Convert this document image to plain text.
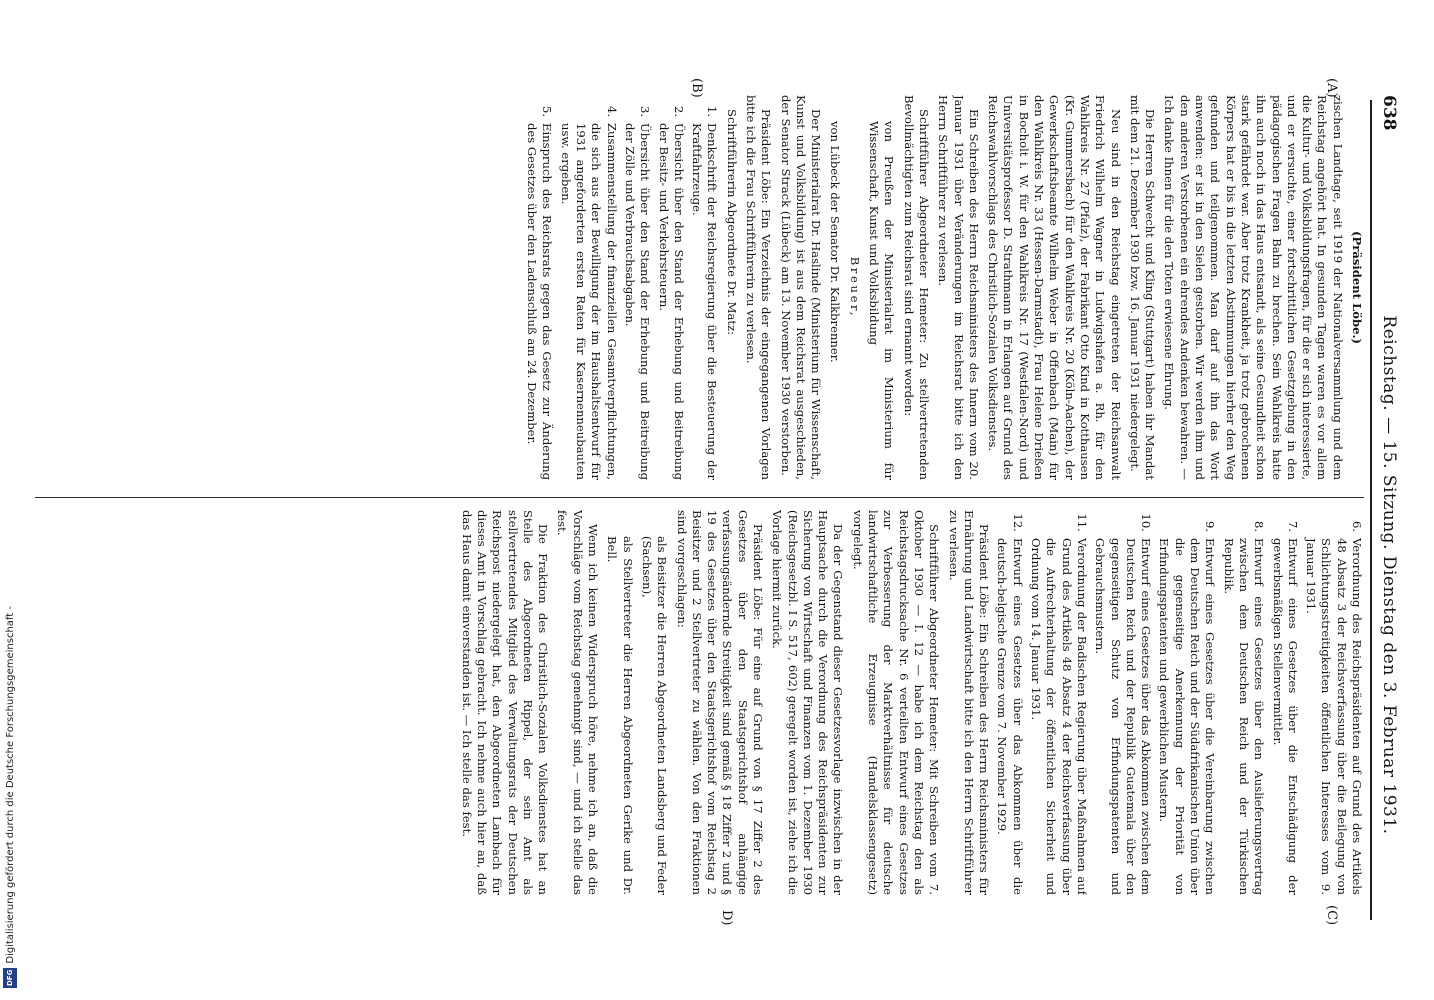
638
Reichstag. — 15. Sitzung. Dienstag den 3. Februar 1931.
(A)
(B)
(C)
D)

(Präsident Löbe.)

zischen Landtage, seit 1919 der Nationalversammlung und dem Reichstag angehört hat. In gesunden Tagen waren es vor allem die Kultur- und Volksbildungsfragen, für die er sich interessierte, und er versuchte, einer fortschrittlichen Gesetzgebung in den pädagogischen Fragen Bahn zu brechen. Sein Wahlkreis hatte ihn auch noch in das Haus entsandt, als seine Gesundheit schon stark gefährdet war. Aber trotz Krankheit, ja trotz gebrochenen Körpers hat er bis in die letzten Abstimmungen hierher den Weg gefunden und teilgenommen. Man darf auf ihn das Wort anwenden: er ist in den Sielen gestorben. Wir werden ihm und den anderen Verstorbenen ein ehrendes Andenken bewahren. — Ich danke Ihnen für die den Toten erwiesene Ehrung.

Die Herren Schwecht und Kling (Stuttgart) haben ihr Mandat mit dem 21. Dezember 1930 bzw. 16. Januar 1931 niedergelegt.

Neu sind in den Reichstag eingetreten der Reichsanwalt Friedrich Wilhelm Wagner in Ludwigshafen a. Rh. für den Wahlkreis Nr. 27 (Pfalz), der Fabrikant Otto Kind in Kotthausen (Kr. Gummersbach) für den Wahlkreis Nr. 20 (Köln-Aachen), der Gewerkschaftsbeamte Wilhelm Weber in Offenbach (Main) für den Wahlkreis Nr. 33 (Hessen-Darmstadt), Frau Helene Drießen in Bocholt i. W. für den Wahlkreis Nr. 17 (Westfalen-Nord) und Universitätsprofessor D. Strathmann in Erlangen auf Grund des Reichswahlvorschlags des Christlich-Sozialen Volksdienstes.

Ein Schreiben des Herrn Reichsministers des Innern vom 20. Januar 1931 über Veränderungen im Reichsrat bitte ich den Herrn Schriftführer zu verlesen.

Schriftführer Abgeordneter Hemeter: Zu stellvertretenden Bevollmächtigten zum Reichsrat sind ernannt worden:

von Preußen der Ministerialrat im Ministerium für Wissenschaft, Kunst und Volksbildung

Breuer,

von Lübeck der Senator Dr. Kalkbrenner.

Der Ministerialrat Dr. Haslinde (Ministerium für Wissenschaft, Kunst und Volksbildung) ist aus dem Reichsrat ausgeschieden, der Senator Strack (Lübeck) am 13. November 1930 verstorben.

Präsident Löbe: Ein Verzeichnis der eingegangenen Vorlagen bitte ich die Frau Schriftführerin zu verlesen.

Schriftführerin Abgeordnete Dr. Matz:

1.
Denkschrift der Reichsregierung über die Besteuerung der Kraftfahrzeuge.
2.
Übersicht über den Stand der Erhebung und Beitreibung der Besitz- und Verkehrsteuern.
3.
Übersicht über den Stand der Erhebung und Beitreibung der Zölle und Verbrauchsabgaben.
4.
Zusammenstellung der finanziellen Gesamtverpflichtungen, die sich aus der Bewilligung der im Haushaltsentwurf für 1931 angeforderten ersten Raten für Kasernenneubauten usw. ergeben.
5.
Einspruch des Reichsrats gegen das Gesetz zur Änderung des Gesetzes über den Ladenschluß am 24. Dezember.
6.
Verordnung des Reichspräsidenten auf Grund des Artikels 48 Absatz 3 der Reichsverfassung über die Beilegung von Schlichtungsstreitigkeiten öffentlichen Interesses vom 9. Januar 1931.
7.
Entwurf eines Gesetzes über die Entschädigung der gewerbsmäßigen Stellenvermittler.
8.
Entwurf eines Gesetzes über den Auslieferungsvertrag zwischen dem Deutschen Reich und der Türkischen Republik.
9.
Entwurf eines Gesetzes über die Vereinbarung zwischen dem Deutschen Reich und der Südafrikanischen Union über die gegenseitige Anerkennung der Priorität von Erfindungspatenten und gewerblichen Mustern.
10.
Entwurf eines Gesetzes über das Abkommen zwischen dem Deutschen Reich und der Republik Guatemala über den gegenseitigen Schutz von Erfindungspatenten und Gebrauchsmustern.
11.
Verordnung der Badischen Regierung über Maßnahmen auf Grund des Artikels 48 Absatz 4 der Reichsverfassung über die Aufrechterhaltung der öffentlichen Sicherheit und Ordnung vom 14. Januar 1931.
12.
Entwurf eines Gesetzes über das Abkommen über die deutsch-belgische Grenze vom 7. November 1929.

Präsident Löbe: Ein Schreiben des Herrn Reichsministers für Ernährung und Landwirtschaft bitte ich den Herrn Schriftführer zu verlesen.

Schriftführer Abgeordneter Hemeter: Mit Schreiben vom 7. Oktober 1930 — I. 12 — habe ich dem Reichstag den als Reichstagsdrucksache Nr. 6 verteilten Entwurf eines Gesetzes zur Verbesserung der Marktverhältnisse für deutsche landwirtschaftliche Erzeugnisse (Handelsklassengesetz) vorgelegt.

Da der Gegenstand dieser Gesetzesvorlage inzwischen in der Hauptsache durch die Verordnung des Reichspräsidenten zur Sicherung von Wirtschaft und Finanzen vom 1. Dezember 1930 (Reichsgesetzbl. I S. 517, 602) geregelt worden ist, ziehe ich die Vorlage hiermit zurück.

Präsident Löbe: Für eine auf Grund von § 17 Ziffer 2 des Gesetzes über den Staatsgerichtshof anhängige verfassungsändernde Streitigkeit sind gemäß § 18 Ziffer 2 und § 19 des Gesetzes über den Staatsgerichtshof vom Reichstag 2 Beisitzer und 2 Stellvertreter zu wählen. Von den Fraktionen sind vorgeschlagen:

als Beisitzer die Herren Abgeordneten Landsberg und Feder (Sachsen),

als Stellvertreter die Herren Abgeordneten Gerike und Dr. Bell.

Wenn ich keinen Widerspruch höre, nehme ich an, daß die Vorschläge vom Reichstag genehmigt sind, — und ich stelle das fest.

Die Fraktion des Christlich-Sozialen Volksdienstes hat an Stelle des Abgeordneten Rippel, der sein Amt als stellvertretendes Mitglied des Verwaltungsrats der Deutschen Reichspost niedergelegt hat, den Abgeordneten Lambach für dieses Amt in Vorschlag gebracht. Ich nehme auch hier an, daß das Haus damit einverstanden ist. — Ich stelle das fest.

Digitalisierung gefördert durch die Deutsche Forschungsgemeinschaft -
DFG
